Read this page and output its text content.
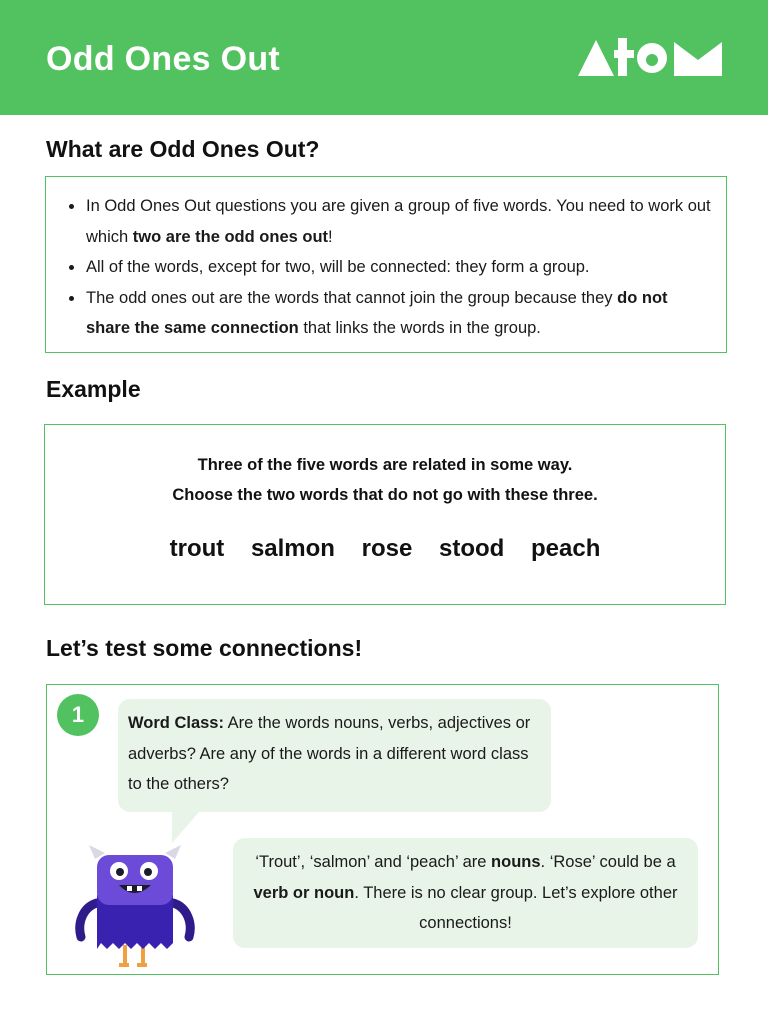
Odd Ones Out
What are Odd Ones Out?
In Odd Ones Out questions you are given a group of five words. You need to work out which two are the odd ones out!
All of the words, except for two, will be connected: they form a group.
The odd ones out are the words that cannot join the group because they do not share the same connection that links the words in the group.
Example
Three of the five words are related in some way.
Choose the two words that do not go with these three.
trout salmon rose stood peach
Let’s test some connections!
1	Word Class: Are the words nouns, verbs, adjectives or adverbs? Are any of the words in a different word class to the others?
‘Trout’, ‘salmon’ and ‘peach’ are nouns. ‘Rose’ could be a verb or noun. There is no clear group. Let’s explore other connections!
